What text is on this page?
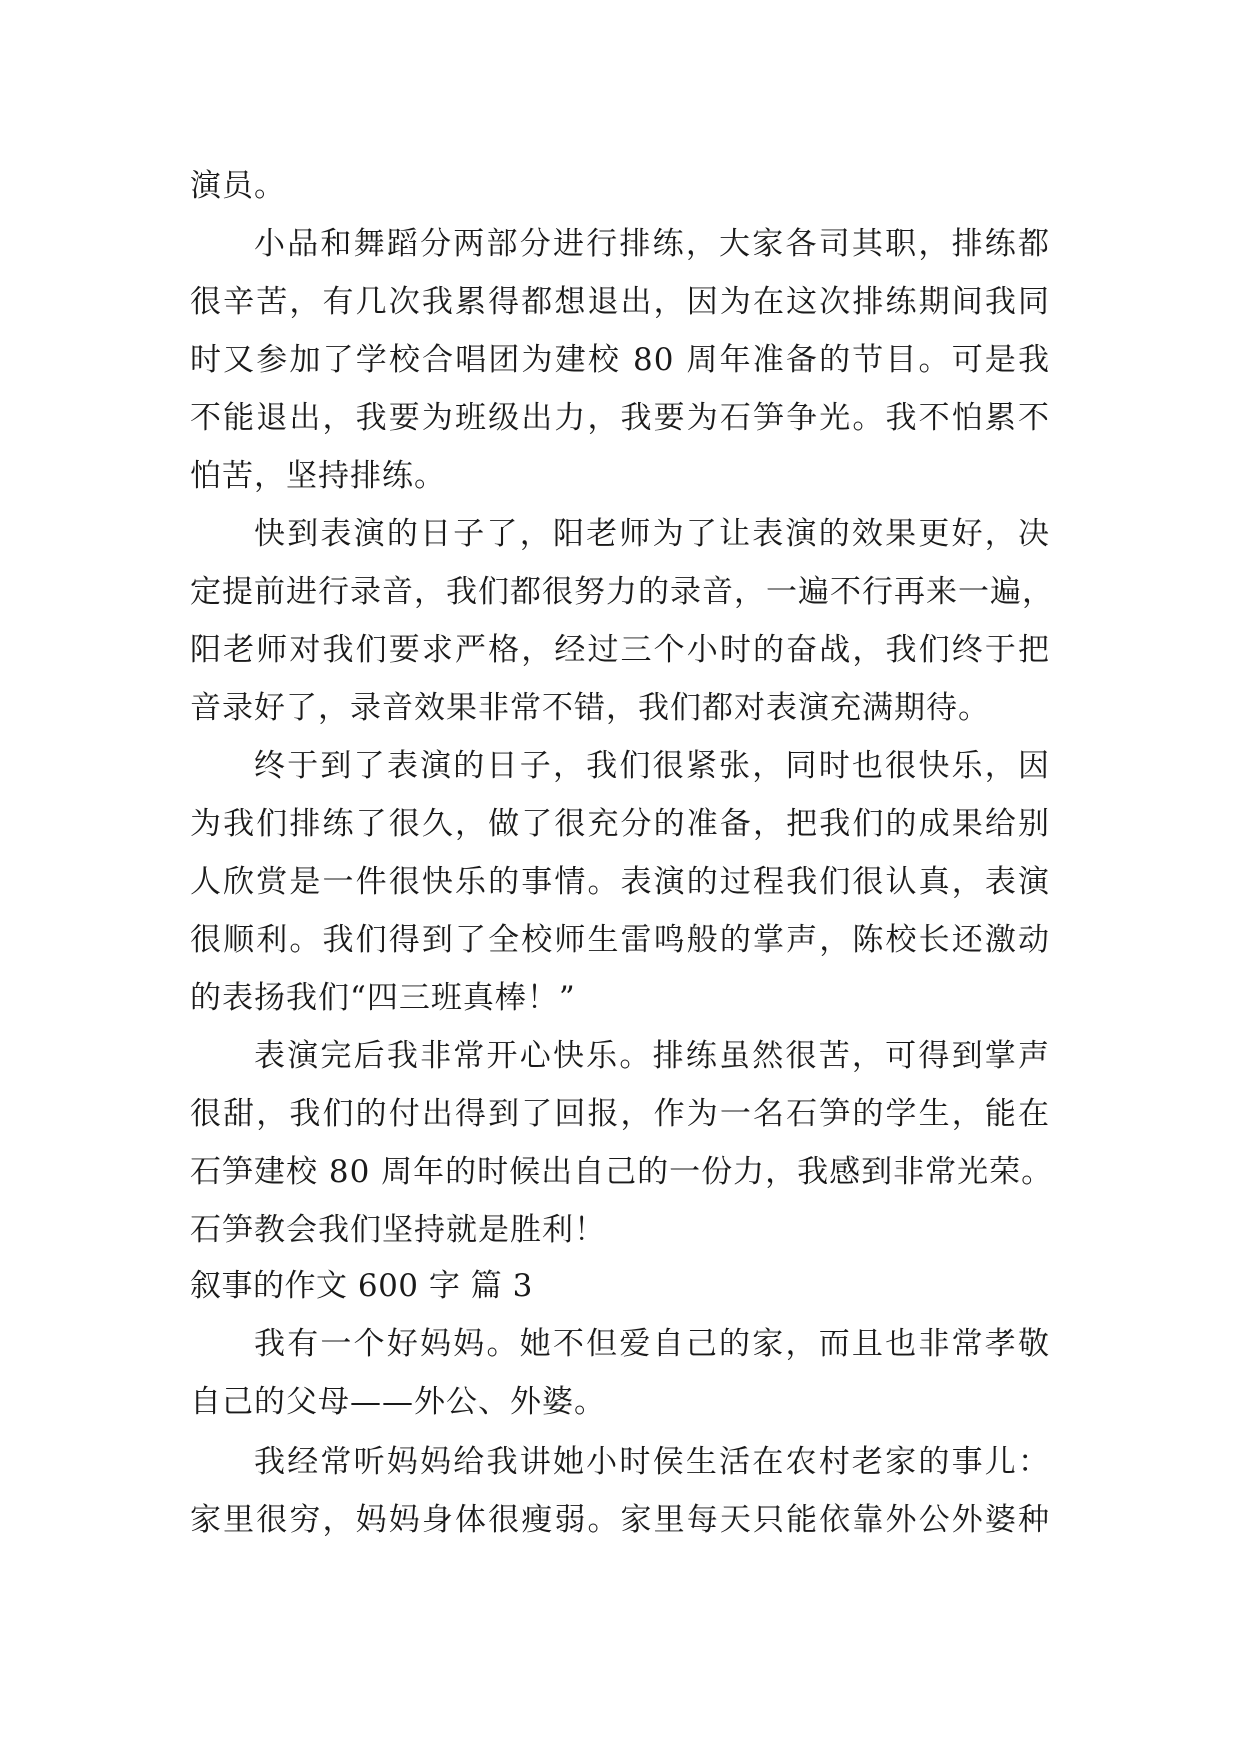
演员。
小品和舞蹈分两部分进行排练，大家各司其职，排练都
很辛苦，有几次我累得都想退出，因为在这次排练期间我同
时又参加了学校合唱团为建校 80 周年准备的节目。可是我
不能退出，我要为班级出力，我要为石笋争光。我不怕累不
怕苦，坚持排练。
快到表演的日子了，阳老师为了让表演的效果更好，决
定提前进行录音，我们都很努力的录音，一遍不行再来一遍，
阳老师对我们要求严格，经过三个小时的奋战，我们终于把
音录好了，录音效果非常不错，我们都对表演充满期待。
终于到了表演的日子，我们很紧张，同时也很快乐，因
为我们排练了很久，做了很充分的准备，把我们的成果给别
人欣赏是一件很快乐的事情。表演的过程我们很认真，表演
很顺利。我们得到了全校师生雷鸣般的掌声，陈校长还激动
的表扬我们“四三班真棒！”
表演完后我非常开心快乐。排练虽然很苦，可得到掌声
很甜，我们的付出得到了回报，作为一名石笋的学生，能在
石笋建校 80 周年的时候出自己的一份力，我感到非常光荣。
石笋教会我们坚持就是胜利！
叙事的作文 600 字 篇 3
我有一个好妈妈。她不但爱自己的家，而且也非常孝敬
自己的父母——外公、外婆。
我经常听妈妈给我讲她小时侯生活在农村老家的事儿：
家里很穷，妈妈身体很瘦弱。家里每天只能依靠外公外婆种
